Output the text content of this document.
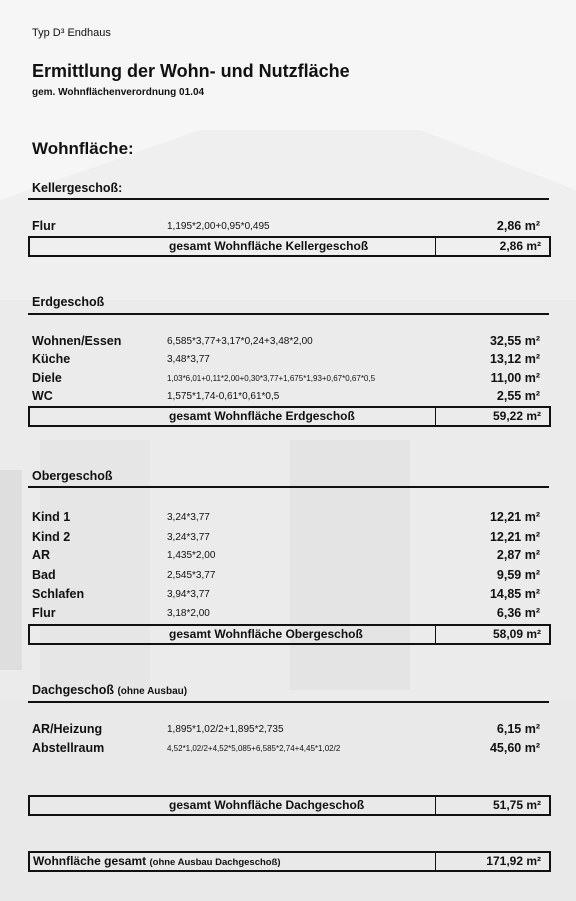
Typ D³ Endhaus
Ermittlung der Wohn- und Nutzfläche
gem. Wohnflächenverordnung 01.04
Wohnfläche:
Kellergeschoß:
Flur	1,195*2,00+0,95*0,495	2,86 m²
gesamt Wohnfläche Kellergeschoß	2,86 m²
Erdgeschoß
Wohnen/Essen	6,585*3,77+3,17*0,24+3,48*2,00	32,55 m²
Küche	3,48*3,77	13,12 m²
Diele	1,03*6,01+0,11*2,00+0,30*3,77+1,675*1,93+0,67*0,67*0,5	11,00 m²
WC	1,575*1,74-0,61*0,61*0,5	2,55 m²
gesamt Wohnfläche Erdgeschoß	59,22 m²
Obergeschoß
Kind 1	3,24*3,77	12,21 m²
Kind 2	3,24*3,77	12,21 m²
AR	1,435*2,00	2,87 m²
Bad	2,545*3,77	9,59 m²
Schlafen	3,94*3,77	14,85 m²
Flur	3,18*2,00	6,36 m²
gesamt Wohnfläche Obergeschoß	58,09 m²
Dachgeschoß (ohne Ausbau)
AR/Heizung	1,895*1,02/2+1,895*2,735	6,15 m²
Abstellraum	4,52*1,02/2+4,52*5,085+6,585*2,74+4,45*1,02/2	45,60 m²
gesamt Wohnfläche Dachgeschoß	51,75 m²
Wohnfläche gesamt (ohne Ausbau Dachgeschoß)	171,92 m²
